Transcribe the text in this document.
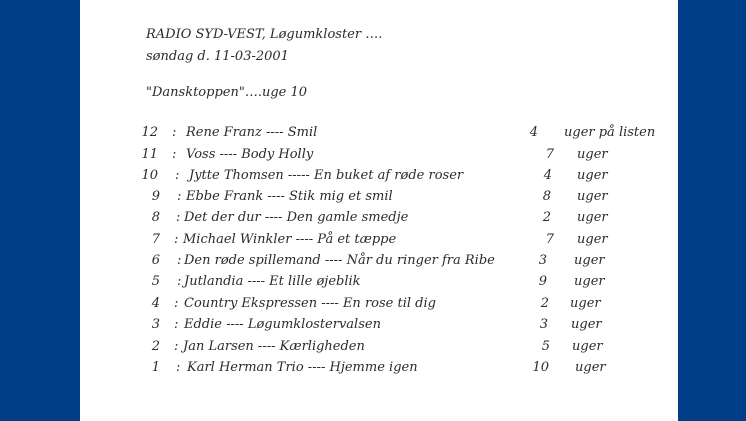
RADIO SYD-VEST, Løgumkloster ….
søndag d. 11-03-2001
"Dansktoppen"….uge 10
12 : Rene Franz ---- Smil	4 uger på listen
11 : Voss ---- Body Holly	7 uger
10 : Jytte Thomsen ----- En buket af røde roser	4 uger
9 : Ebbe Frank ---- Stik mig et smil	8 uger
8 : Det der dur ---- Den gamle smedje	2 uger
7 : Michael Winkler ---- På et tæppe	7 uger
6 : Den røde spillemand ---- Når du ringer fra Ribe	3 uger
5 : Jutlandia ---- Et lille øjeblik	9 uger
4 : Country Ekspressen ---- En rose til dig	2 uger
3 : Eddie ---- Løgumklostervalsen	3 uger
2 : Jan Larsen ---- Kærligheden	5 uger
1 : Karl Herman Trio ---- Hjemme igen	10 uger
